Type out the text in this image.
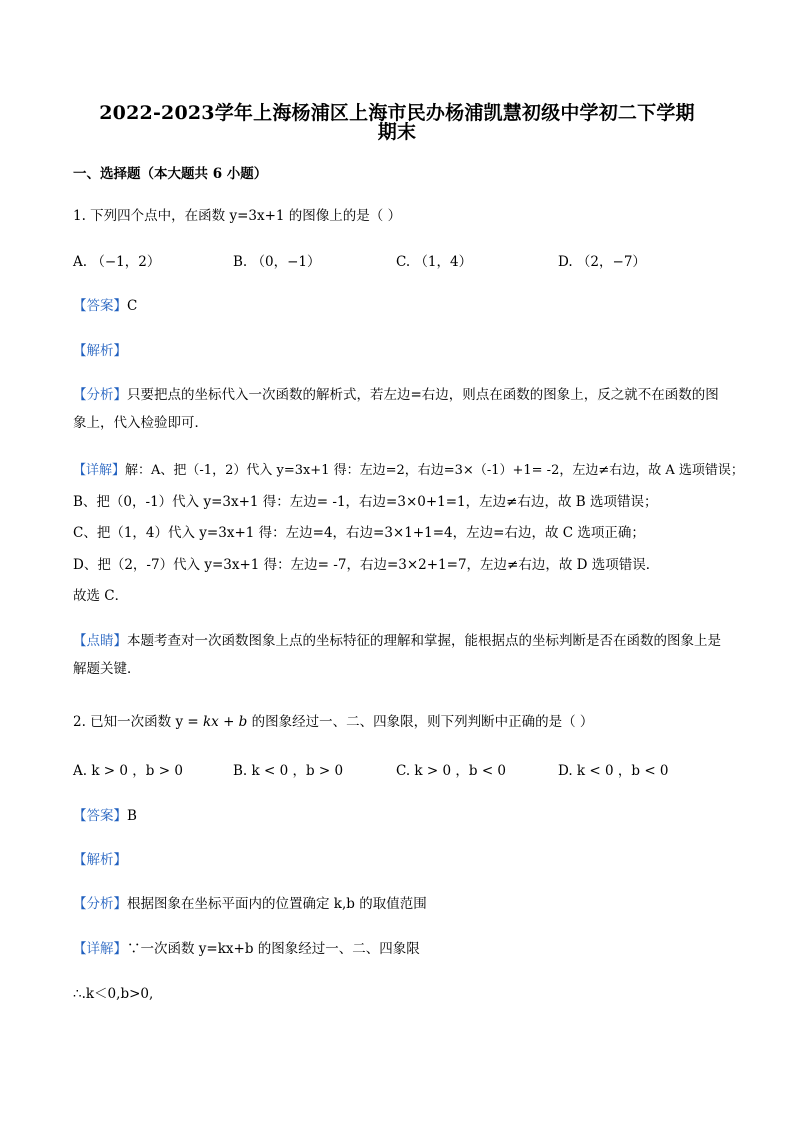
2022-2023学年上海杨浦区上海市民办杨浦凯慧初级中学初二下学期
期末
一、选择题（本大题共 6 小题）
1. 下列四个点中，在函数 y=3x+1 的图像上的是（ ）
A. （−1，2）	B. （0，−1）	C. （1，4）	D. （2，−7）
【答案】C
【解析】
【分析】只要把点的坐标代入一次函数的解析式，若左边=右边，则点在函数的图象上，反之就不在函数的图象上，代入检验即可．
【详解】解：A、把（-1，2）代入 y=3x+1 得：左边=2，右边=3×（-1）+1= -2，左边≠右边，故 A 选项错误；
B、把（0，-1）代入 y=3x+1 得：左边= -1，右边=3×0+1=1，左边≠右边，故 B 选项错误；
C、把（1，4）代入 y=3x+1 得：左边=4，右边=3×1+1=4，左边=右边，故 C 选项正确；
D、把（2，-7）代入 y=3x+1 得：左边= -7，右边=3×2+1=7，左边≠右边，故 D 选项错误．
故选 C．
【点睛】本题考查对一次函数图象上点的坐标特征的理解和掌握，能根据点的坐标判断是否在函数的图象上是解题关键．
2. 已知一次函数 y = kx + b 的图象经过一、二、四象限，则下列判断中正确的是（ ）
A. k > 0 ，b > 0	B. k < 0 ，b > 0	C. k > 0 ，b < 0	D. k < 0 ，b < 0
【答案】B
【解析】
【分析】根据图象在坐标平面内的位置确定 k,b 的取值范围
【详解】∵一次函数 y=kx+b 的图象经过一、二、四象限
∴.k＜0,b>0,
